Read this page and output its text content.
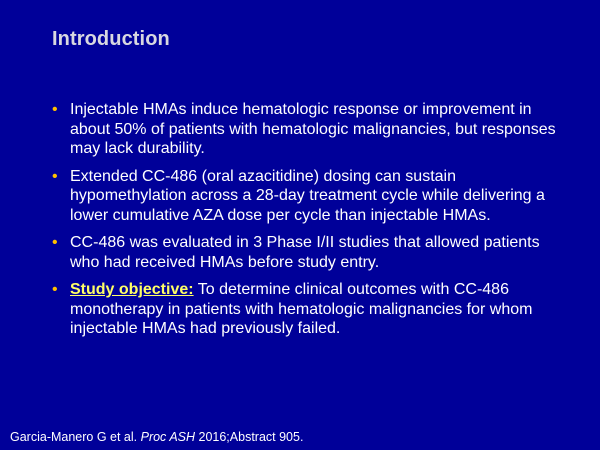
Introduction
• Injectable HMAs induce hematologic response or improvement in about 50% of patients with hematologic malignancies, but responses may lack durability.
• Extended CC-486 (oral azacitidine) dosing can sustain hypomethylation across a 28-day treatment cycle while delivering a lower cumulative AZA dose per cycle than injectable HMAs.
• CC-486 was evaluated in 3 Phase I/II studies that allowed patients who had received HMAs before study entry.
• Study objective: To determine clinical outcomes with CC-486 monotherapy in patients with hematologic malignancies for whom injectable HMAs had previously failed.
Garcia-Manero G et al. Proc ASH 2016;Abstract 905.
